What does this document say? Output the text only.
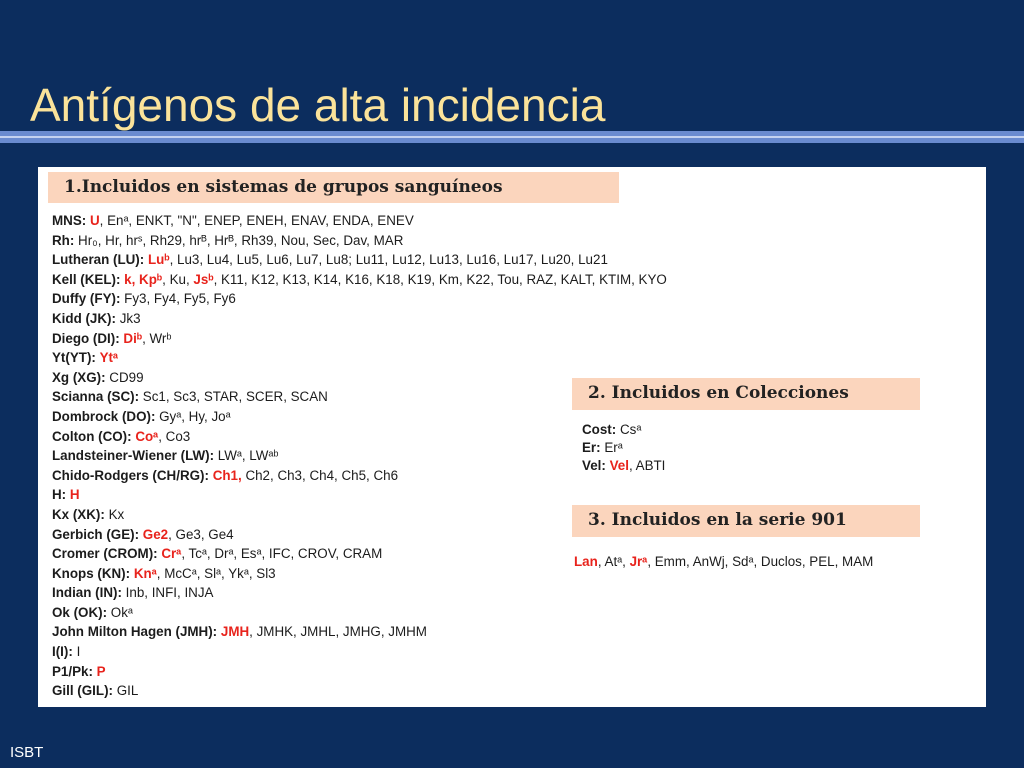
Antígenos de alta incidencia
1.Incluidos en sistemas de grupos sanguíneos
MNS: U, Enᵃ, ENKT, "N", ENEP, ENEH, ENAV, ENDA, ENEV
Rh: Hr₀, Hr, hrˢ, Rh29, hrᴮ, Hrᴮ, Rh39, Nou, Sec, Dav, MAR
Lutheran (LU): Luᵇ, Lu3, Lu4, Lu5, Lu6, Lu7, Lu8; Lu11, Lu12, Lu13, Lu16, Lu17, Lu20, Lu21
Kell (KEL): k, Kpᵇ, Ku, Jsᵇ, K11, K12, K13, K14, K16, K18, K19, Km, K22, Tou, RAZ, KALT, KTIM, KYO
Duffy (FY): Fy3, Fy4, Fy5, Fy6
Kidd (JK): Jk3
Diego (DI): Diᵇ, Wrᵇ
Yt(YT): Ytᵃ
Xg (XG): CD99
Scianna (SC): Sc1, Sc3, STAR, SCER, SCAN
Dombrock (DO): Gyᵃ, Hy, Joᵃ
Colton (CO): Coᵃ, Co3
Landsteiner-Wiener (LW): LWᵃ, LWᵃᵇ
Chido-Rodgers (CH/RG): Ch1, Ch2, Ch3, Ch4, Ch5, Ch6
H: H
Kx (XK): Kx
Gerbich (GE): Ge2, Ge3, Ge4
Cromer (CROM): Crᵃ, Tcᵃ, Drᵃ, Esᵃ, IFC, CROV, CRAM
Knops (KN): Knᵃ, McCᵃ, Slᵃ, Ykᵃ, Sl3
Indian (IN): Inb, INFI, INJA
Ok (OK): Okᵃ
John Milton Hagen (JMH): JMH, JMHK, JMHL, JMHG, JMHM
I(I): I
P1/Pk: P
Gill (GIL): GIL
2. Incluidos en Colecciones
Cost: Csᵃ
Er: Erᵃ
Vel: Vel, ABTI
3. Incluidos en la serie 901
Lan, Atᵃ, Jrᵃ, Emm, AnWj, Sdᵃ, Duclos, PEL, MAM
ISBT
